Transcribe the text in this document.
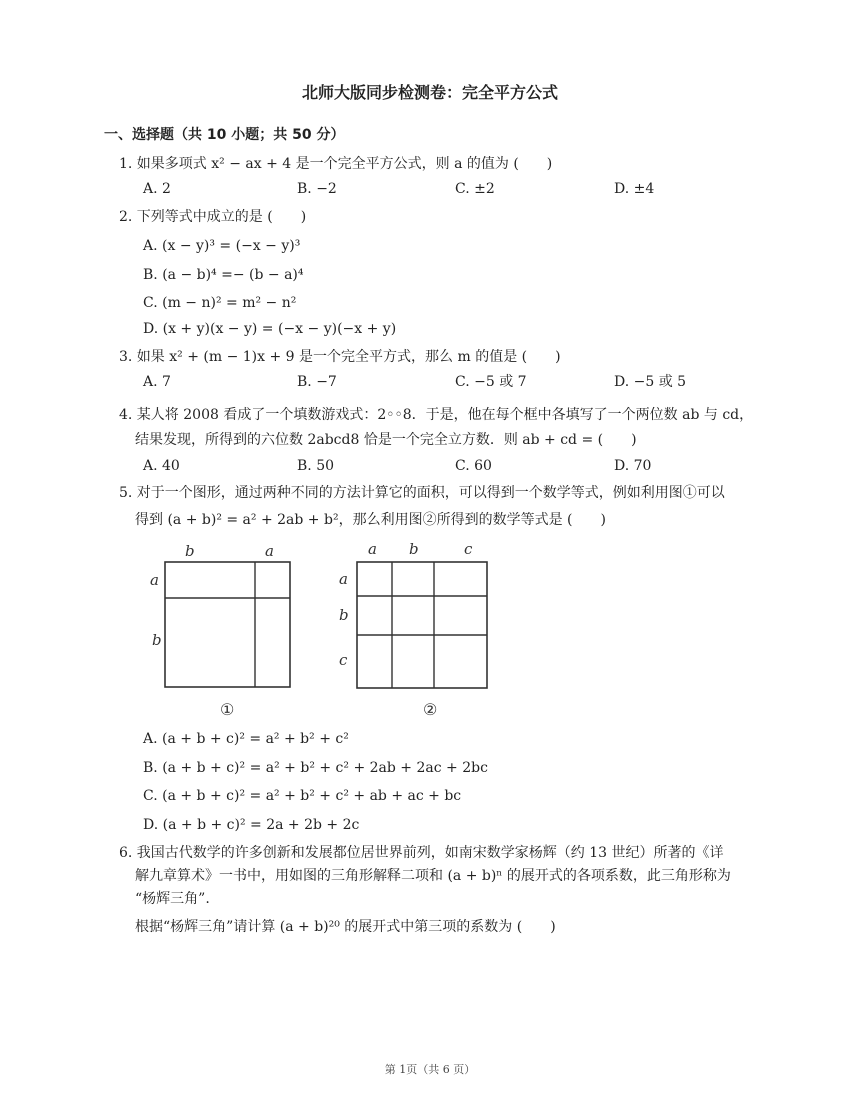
北师大版同步检测卷：完全平方公式
一、选择题（共 10 小题；共 50 分）
1. 如果多项式 x² − ax + 4 是一个完全平方公式，则 a 的值为 (　　)
A. 2	B. −2	C. ±2	D. ±4
2. 下列等式中成立的是 (　　)
A. (x − y)³ = (−x − y)³
B. (a − b)⁴ =− (b − a)⁴
C. (m − n)² = m² − n²
D. (x + y)(x − y) = (−x − y)(−x + y)
3. 如果 x² + (m − 1)x + 9 是一个完全平方式，那么 m 的值是 (　　)
A. 7	B. −7	C. −5 或 7	D. −5 或 5
4. 某人将 2008 看成了一个填数游戏式：2◦◦8．于是，他在每个框中各填写了一个两位数 ab 与 cd，
结果发现，所得到的六位数 2abcd8 恰是一个完全立方数．则 ab + cd = (　　)
A. 40	B. 50	C. 60	D. 70
5. 对于一个图形，通过两种不同的方法计算它的面积，可以得到一个数学等式，例如利用图①可以
得到 (a + b)² = a² + 2ab + b²，那么利用图②所得到的数学等式是 (　　)
b	a
a
b
①
a b	c
a
b
c
②
A. (a + b + c)² = a² + b² + c²
B. (a + b + c)² = a² + b² + c² + 2ab + 2ac + 2bc
C. (a + b + c)² = a² + b² + c² + ab + ac + bc
D. (a + b + c)² = 2a + 2b + 2c
6. 我国古代数学的许多创新和发展都位居世界前列，如南宋数学家杨辉（约 13 世纪）所著的《详
解九章算术》一书中，用如图的三角形解释二项和 (a + b)ⁿ 的展开式的各项系数，此三角形称为
“杨辉三角”.
根据“杨辉三角”请计算 (a + b)²⁰ 的展开式中第三项的系数为 (　　)
第 1页（共 6 页）
